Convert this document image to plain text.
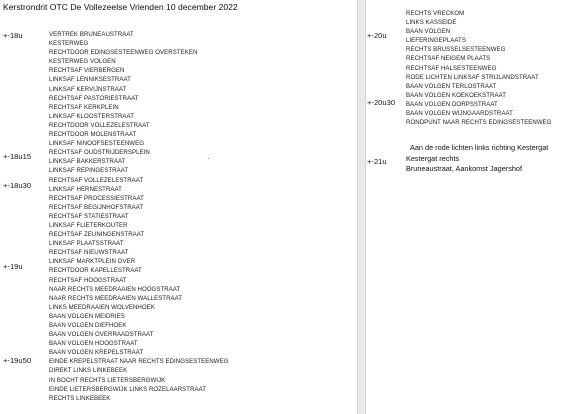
Kerstrondrit OTC De Vollezeelse Vrienden 10 december 2022
+-18u
+-18u15
+-18u30
+-19u
+-19u50
VERTREK BRUNEAUSTRAAT
KESTERWEG
RECHTDOOR EDINGSESTEENWEG OVERSTEKEN
KESTERWEG VOLGEN
RECHTSAF VIERBERGEN
LINKSAF LENNIKSESTRAAT
LINKSAF KERVIJNSTRAAT
RECHTSAF PASTORIESTRAAT
RECHTSAF KERKPLEIN
LINKSAF KLOOSTERSTRAAT
RECHTDOOR VOLLEZELESTRAAT
RECHTDOOR MOLENSTRAAT
LINKSAF NINOOFSESTEENWEG
RECHTSAF OUDSTRIJDERSPLEIN
LINKSAF BAKKERSTRAAT
LINKSAF REPINGESTRAAT
RECHTSAF VOLLEZELESTRAAT
LINKSAF HERNESTRAAT
RECHTSAF PROCESSIESTRAAT
RECHTSAF BEGIJNHOFSTRAAT
RECHTSAF STATIESTRAAT
LINKSAF FLIETERKOUTER
RECHTSAF ZEUNINGENSTRAAT
LINKSAF PLAATSSTRAAT
RECHTSAF NIEUWSTRAAT
LINKSAF MARKTPLEIN OVER
RECHTDOOR KAPELLESTRAAT
RECHTSAF HOOGSTRAAT
NAAR RECHTS MEEDRAAIEN HOOGSTRAAT
NAAR RECHTS MEEDRAAIEN WALLESTRAAT
LINKS MEEDRAAIEN WOLVENHOEK
BAAN VOLGEN MEIDRIES
BAAN VOLGEN DIEFHOEK
BAAN VOLGEN OVERRAADSTRAAT
BAAN VOLGEN HOOGSTRAAT
BAAN VOLGEN KREPELSTRAAT
EINDE KREPELSTRAAT NAAR RECHTS EDINGSESTEENWEG
DIREKT LINKS LINKEBEEK
IN BOCHT RECHTS LIETERSBERGWIJK
EINDE LIETERSBERGWIJK LINKS ROZELAARSTRAAT
RECHTS LINKEBEEK
+-20u
+-20u30
+-21u
RECHTS VRECKOM
LINKS KASSEIDE
BAAN VOLGEN
LIEFERINGEPLAATS
RECHTS BRUSSELSESTEENWEG
RECHTSAF NEIGEM PLAATS
RECHTSAF HALSESTEENWEG
RODE LICHTEN LINKSAF STRIJLANDSTRAAT
BAAN VOLGEN TERLOSTRAAT
BAAN VOLGEN KOEKOEKSTRAAT
BAAN VOLGEN DORPSSTRAAT
BAAN VOLGEN WIJNGAARDSTRAAT
RONDPUNT NAAR RECHTS EDINGSESTEENWEG
Aan de rode lichten links richting Kestergat
Kestergat rechts
Bruneaustraat, Aankomst Jagershof
